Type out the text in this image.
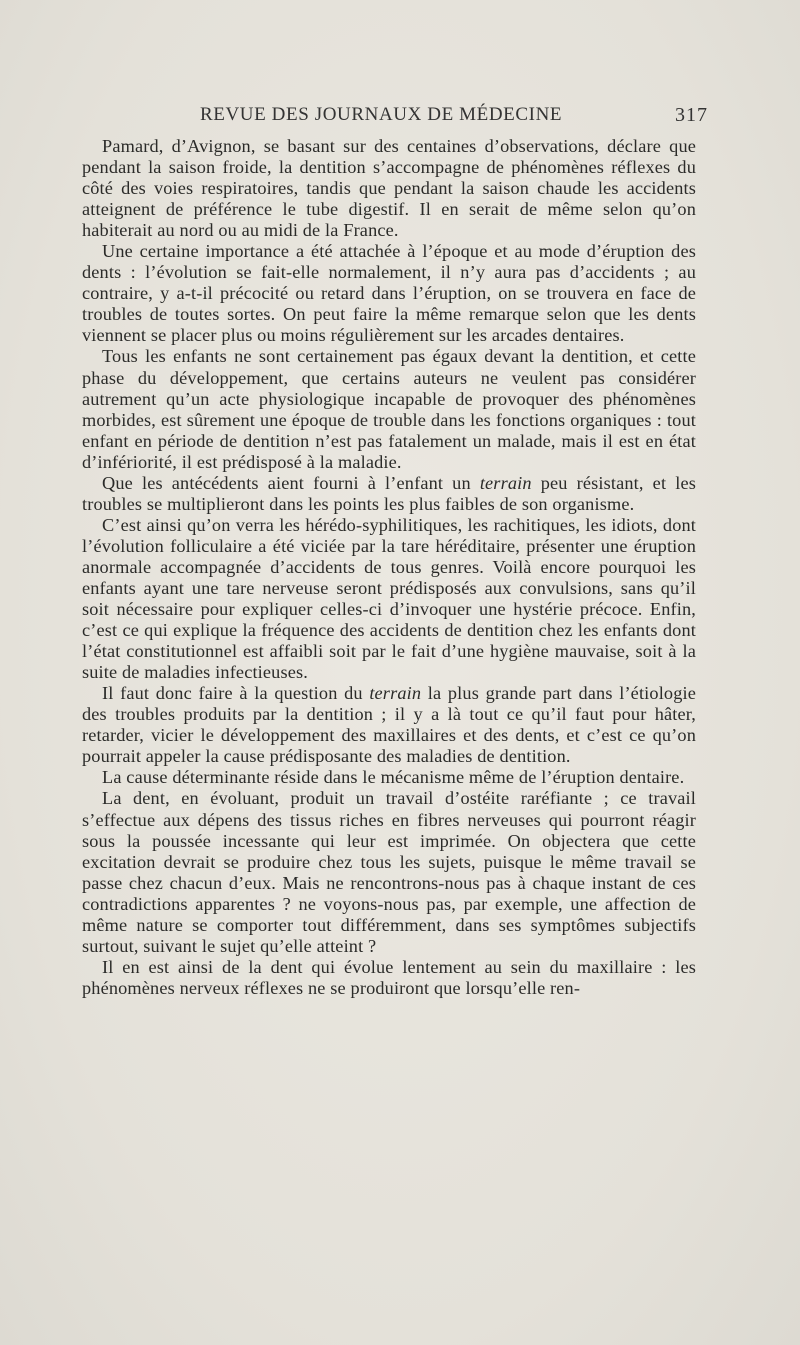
REVUE DES JOURNAUX DE MÉDECINE	317

Pamard, d’Avignon, se basant sur des centaines d’observations, déclare que pendant la saison froide, la dentition s’accompagne de phénomènes réflexes du côté des voies respiratoires, tandis que pendant la saison chaude les accidents atteignent de préférence le tube digestif. Il en serait de même selon qu’on habiterait au nord ou au midi de la France.

Une certaine importance a été attachée à l’époque et au mode d’éruption des dents : l’évolution se fait-elle normalement, il n’y aura pas d’accidents ; au contraire, y a-t-il précocité ou retard dans l’éruption, on se trouvera en face de troubles de toutes sortes. On peut faire la même remarque selon que les dents viennent se placer plus ou moins régulièrement sur les arcades dentaires.

Tous les enfants ne sont certainement pas égaux devant la dentition, et cette phase du développement, que certains auteurs ne veulent pas considérer autrement qu’un acte physiologique incapable de provoquer des phénomènes morbides, est sûrement une époque de trouble dans les fonctions organiques : tout enfant en période de dentition n’est pas fatalement un malade, mais il est en état d’infériorité, il est prédisposé à la maladie.

Que les antécédents aient fourni à l’enfant un terrain peu résistant, et les troubles se multiplieront dans les points les plus faibles de son organisme.

C’est ainsi qu’on verra les hérédo-syphilitiques, les rachitiques, les idiots, dont l’évolution folliculaire a été viciée par la tare héréditaire, présenter une éruption anormale accompagnée d’accidents de tous genres. Voilà encore pourquoi les enfants ayant une tare nerveuse seront prédisposés aux convulsions, sans qu’il soit nécessaire pour expliquer celles-ci d’invoquer une hystérie précoce. Enfin, c’est ce qui explique la fréquence des accidents de dentition chez les enfants dont l’état constitutionnel est affaibli soit par le fait d’une hygiène mauvaise, soit à la suite de maladies infectieuses.

Il faut donc faire à la question du terrain la plus grande part dans l’étiologie des troubles produits par la dentition ; il y a là tout ce qu’il faut pour hâter, retarder, vicier le développement des maxillaires et des dents, et c’est ce qu’on pourrait appeler la cause prédisposante des maladies de dentition.

La cause déterminante réside dans le mécanisme même de l’éruption dentaire.

La dent, en évoluant, produit un travail d’ostéite raréfiante ; ce travail s’effectue aux dépens des tissus riches en fibres nerveuses qui pourront réagir sous la poussée incessante qui leur est imprimée. On objectera que cette excitation devrait se produire chez tous les sujets, puisque le même travail se passe chez chacun d’eux. Mais ne rencontrons-nous pas à chaque instant de ces contradictions apparentes ? ne voyons-nous pas, par exemple, une affection de même nature se comporter tout différemment, dans ses symptômes subjectifs surtout, suivant le sujet qu’elle atteint ?

Il en est ainsi de la dent qui évolue lentement au sein du maxillaire : les phénomènes nerveux réflexes ne se produiront que lorsqu’elle ren-
